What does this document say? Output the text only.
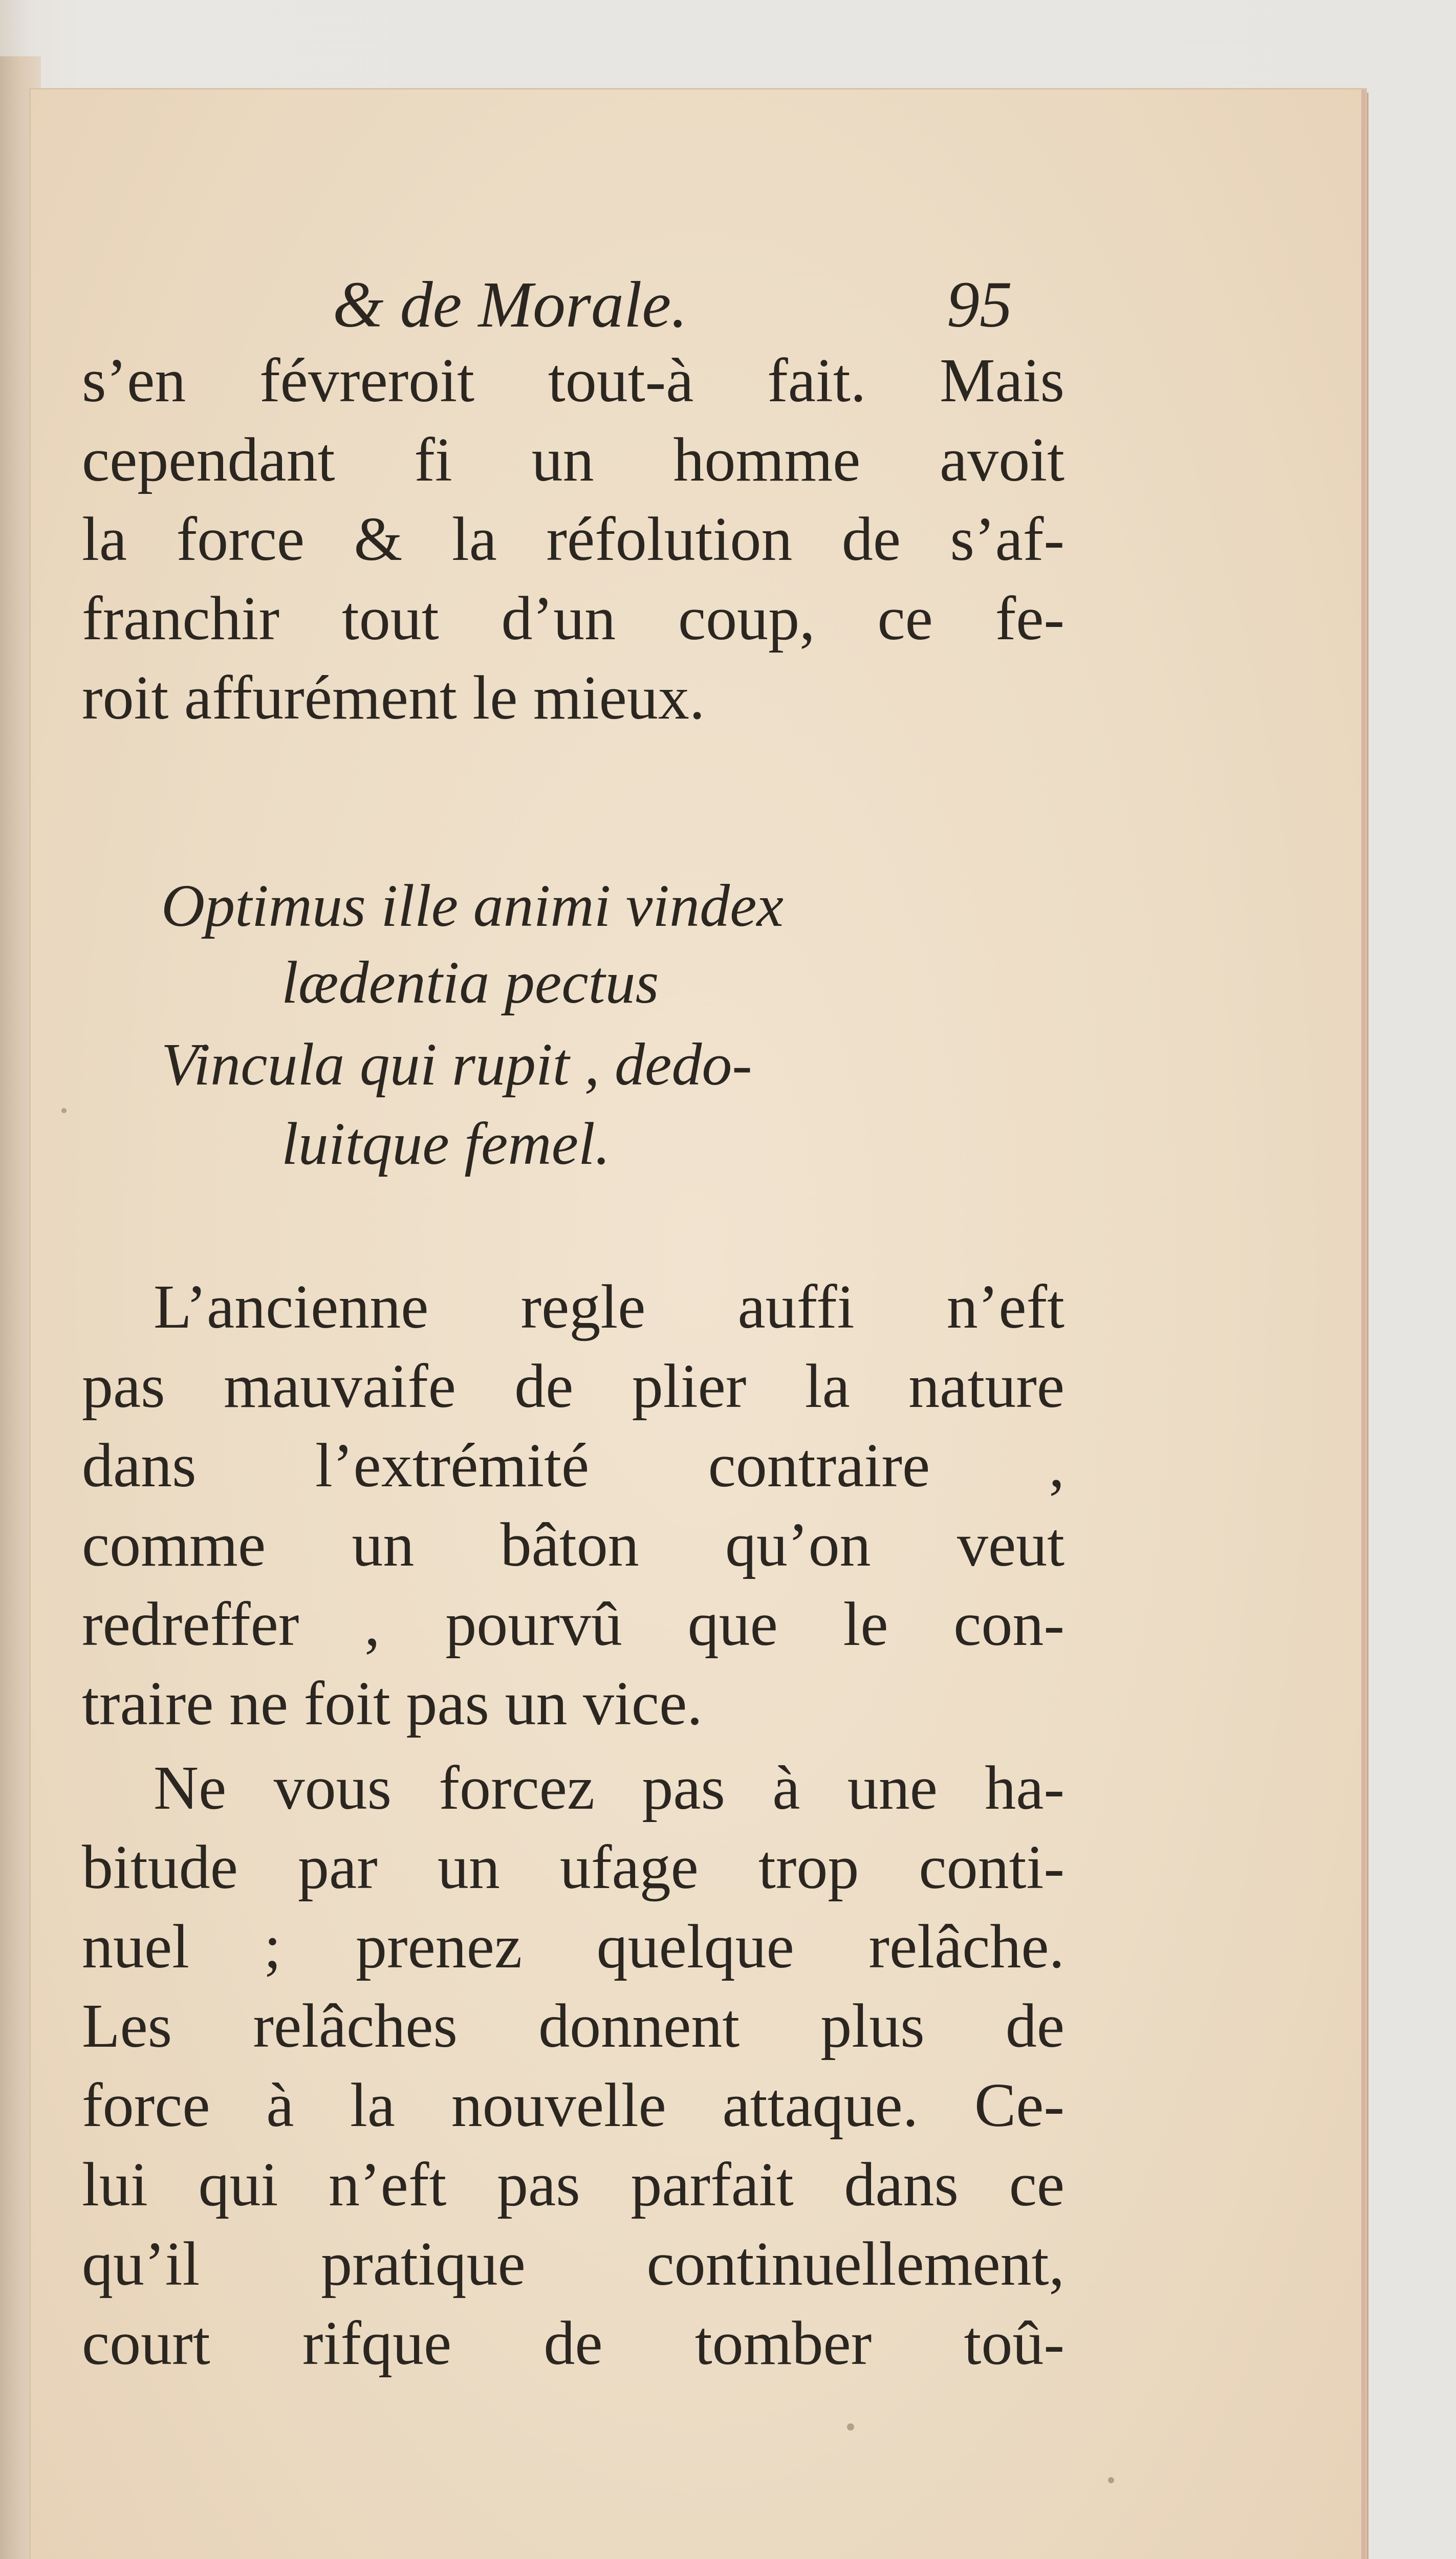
& de Morale.	95
s’en févreroit tout-à fait. Mais
cependant fi un homme avoit
la force & la réfolution de s’af-
franchir tout d’un coup, ce fe-
roit affurément le mieux.
Optimus ille animi vindex
lædentia pectus
Vincula qui rupit , dedo-
luitque femel.
L’ancienne regle auffi n’eft
pas mauvaife de plier la nature
dans l’extrémité contraire ,
comme un bâton qu’on veut
redreffer , pourvû que le con-
traire ne foit pas un vice.
Ne vous forcez pas à une ha-
bitude par un ufage trop conti-
nuel ; prenez quelque relâche.
Les relâches donnent plus de
force à la nouvelle attaque. Ce-
lui qui n’eft pas parfait dans ce
qu’il pratique continuellement,
court rifque de tomber toû-
